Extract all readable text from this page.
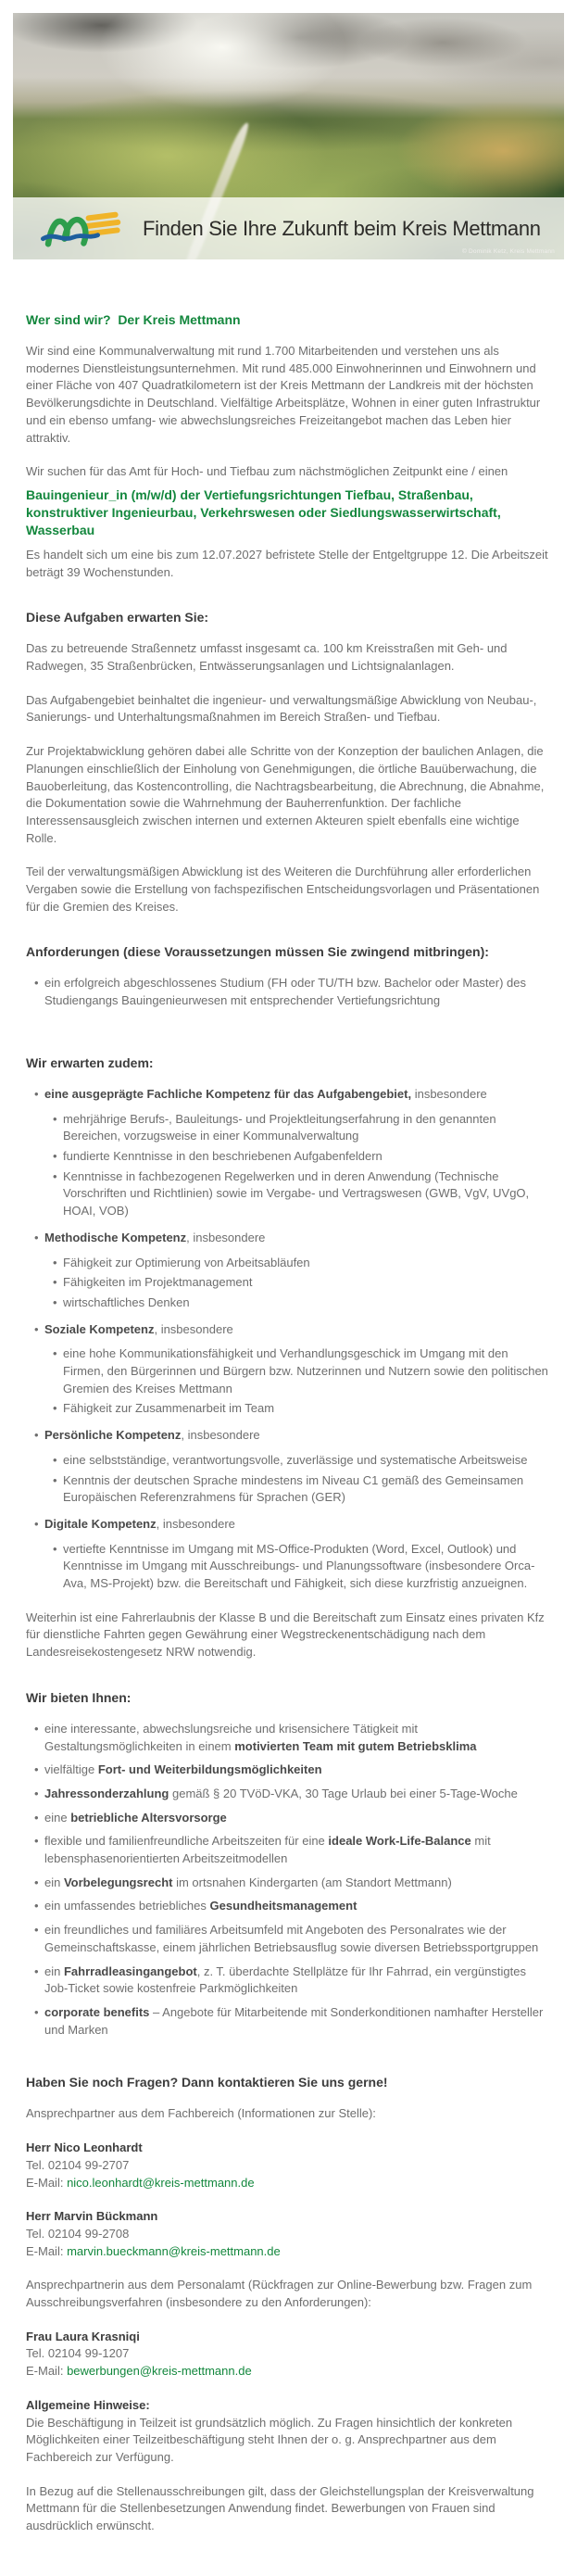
Finden Sie Ihre Zukunft beim Kreis Mettmann
© Dominik Ketz, Kreis Mettmann
Wer sind wir?  Der Kreis Mettmann

Wir sind eine Kommunalverwaltung mit rund 1.700 Mitarbeitenden und verstehen uns als modernes Dienstleistungsunternehmen. Mit rund 485.000 Einwohnerinnen und Einwohnern und einer Fläche von 407 Quadratkilometern ist der Kreis Mettmann der Landkreis mit der höchsten Bevölkerungsdichte in Deutschland. Vielfältige Arbeitsplätze, Wohnen in einer guten Infrastruktur und ein ebenso umfang- wie abwechslungsreiches Freizeitangebot machen das Leben hier attraktiv.

Wir suchen für das Amt für Hoch- und Tiefbau zum nächstmöglichen Zeitpunkt eine / einen

Bauingenieur_in (m/w/d) der Vertiefungsrichtungen Tiefbau, Straßenbau, konstruktiver Ingenieurbau, Verkehrswesen oder Siedlungswasserwirtschaft, Wasserbau

Es handelt sich um eine bis zum 12.07.2027 befristete Stelle der Entgeltgruppe 12. Die Arbeitszeit beträgt 39 Wochenstunden.

Diese Aufgaben erwarten Sie:

Das zu betreuende Straßennetz umfasst insgesamt ca. 100 km Kreisstraßen mit Geh- und Radwegen, 35 Straßenbrücken, Entwässerungsanlagen und Lichtsignalanlagen.

Das Aufgabengebiet beinhaltet die ingenieur- und verwaltungsmäßige Abwicklung von Neubau-, Sanierungs- und Unterhaltungsmaßnahmen im Bereich Straßen- und Tiefbau.

Zur Projektabwicklung gehören dabei alle Schritte von der Konzeption der baulichen Anlagen, die Planungen einschließlich der Einholung von Genehmigungen, die örtliche Bauüberwachung, die Bauoberleitung, das Kostencontrolling, die Nachtragsbearbeitung, die Abrechnung, die Abnahme, die Dokumentation sowie die Wahrnehmung der Bauherrenfunktion. Der fachliche Interessensausgleich zwischen internen und externen Akteuren spielt ebenfalls eine wichtige Rolle.

Teil der verwaltungsmäßigen Abwicklung ist des Weiteren die Durchführung aller erforderlichen Vergaben sowie die Erstellung von fachspezifischen Entscheidungsvorlagen und Präsentationen für die Gremien des Kreises.

Anforderungen (diese Voraussetzungen müssen Sie zwingend mitbringen):
• ein erfolgreich abgeschlossenes Studium (FH oder TU/TH bzw. Bachelor oder Master) des Studiengangs Bauingenieurwesen mit entsprechender Vertiefungsrichtung
Wir erwarten zudem:
• eine ausgeprägte Fachliche Kompetenz für das Aufgabengebiet, insbesondere
• mehrjährige Berufs-, Bauleitungs- und Projektleitungserfahrung in den genannten Bereichen, vorzugsweise in einer Kommunalverwaltung
• fundierte Kenntnisse in den beschriebenen Aufgabenfeldern
• Kenntnisse in fachbezogenen Regelwerken und in deren Anwendung (Technische Vorschriften und Richtlinien) sowie im Vergabe- und Vertragswesen (GWB, VgV, UVgO, HOAI, VOB)
• Methodische Kompetenz, insbesondere
• Fähigkeit zur Optimierung von Arbeitsabläufen
• Fähigkeiten im Projektmanagement
• wirtschaftliches Denken
• Soziale Kompetenz, insbesondere
• eine hohe Kommunikationsfähigkeit und Verhandlungsgeschick im Umgang mit den Firmen, den Bürgerinnen und Bürgern bzw. Nutzerinnen und Nutzern sowie den politischen Gremien des Kreises Mettmann
• Fähigkeit zur Zusammenarbeit im Team
• Persönliche Kompetenz, insbesondere
• eine selbstständige, verantwortungsvolle, zuverlässige und systematische Arbeitsweise
• Kenntnis der deutschen Sprache mindestens im Niveau C1 gemäß des Gemeinsamen Europäischen Referenzrahmens für Sprachen (GER)
• Digitale Kompetenz, insbesondere
• vertiefte Kenntnisse im Umgang mit MS-Office-Produkten (Word, Excel, Outlook) und Kenntnisse im Umgang mit Ausschreibungs- und Planungssoftware (insbesondere Orca-Ava, MS-Projekt) bzw. die Bereitschaft und Fähigkeit, sich diese kurzfristig anzueignen.

Weiterhin ist eine Fahrerlaubnis der Klasse B und die Bereitschaft zum Einsatz eines privaten Kfz für dienstliche Fahrten gegen Gewährung einer Wegstreckenentschädigung nach dem Landesreisekostengesetz NRW notwendig.

Wir bieten Ihnen:
• eine interessante, abwechslungsreiche und krisensichere Tätigkeit mit Gestaltungsmöglichkeiten in einem motivierten Team mit gutem Betriebsklima
• vielfältige Fort- und Weiterbildungsmöglichkeiten
• Jahressonderzahlung gemäß § 20 TVöD-VKA, 30 Tage Urlaub bei einer 5-Tage-Woche
• eine betriebliche Altersvorsorge
• flexible und familienfreundliche Arbeitszeiten für eine ideale Work-Life-Balance mit lebensphasenorientierten Arbeitszeitmodellen
• ein Vorbelegungsrecht im ortsnahen Kindergarten (am Standort Mettmann)
• ein umfassendes betriebliches Gesundheitsmanagement
• ein freundliches und familiäres Arbeitsumfeld mit Angeboten des Personalrates wie der Gemeinschaftskasse, einem jährlichen Betriebsausflug sowie diversen Betriebssportgruppen
• ein Fahrradleasingangebot, z. T. überdachte Stellplätze für Ihr Fahrrad, ein vergünstigtes Job-Ticket sowie kostenfreie Parkmöglichkeiten
• corporate benefits – Angebote für Mitarbeitende mit Sonderkonditionen namhafter Hersteller und Marken
Haben Sie noch Fragen? Dann kontaktieren Sie uns gerne!

Ansprechpartner aus dem Fachbereich (Informationen zur Stelle):

Herr Nico Leonhardt
Tel. 02104 99-2707
E-Mail: nico.leonhardt@kreis-mettmann.de
Herr Marvin Bückmann
Tel. 02104 99-2708
E-Mail: marvin.bueckmann@kreis-mettmann.de

Ansprechpartnerin aus dem Personalamt (Rückfragen zur Online-Bewerbung bzw. Fragen zum Ausschreibungsverfahren (insbesondere zu den Anforderungen):

Frau Laura Krasniqi
Tel. 02104 99-1207
E-Mail: bewerbungen@kreis-mettmann.de

Allgemeine Hinweise:

Die Beschäftigung in Teilzeit ist grundsätzlich möglich. Zu Fragen hinsichtlich der konkreten Möglichkeiten einer Teilzeitbeschäftigung steht Ihnen der o. g. Ansprechpartner aus dem Fachbereich zur Verfügung.

In Bezug auf die Stellenausschreibungen gilt, dass der Gleichstellungsplan der Kreisverwaltung Mettmann für die Stellenbesetzungen Anwendung findet. Bewerbungen von Frauen sind ausdrücklich erwünscht.
